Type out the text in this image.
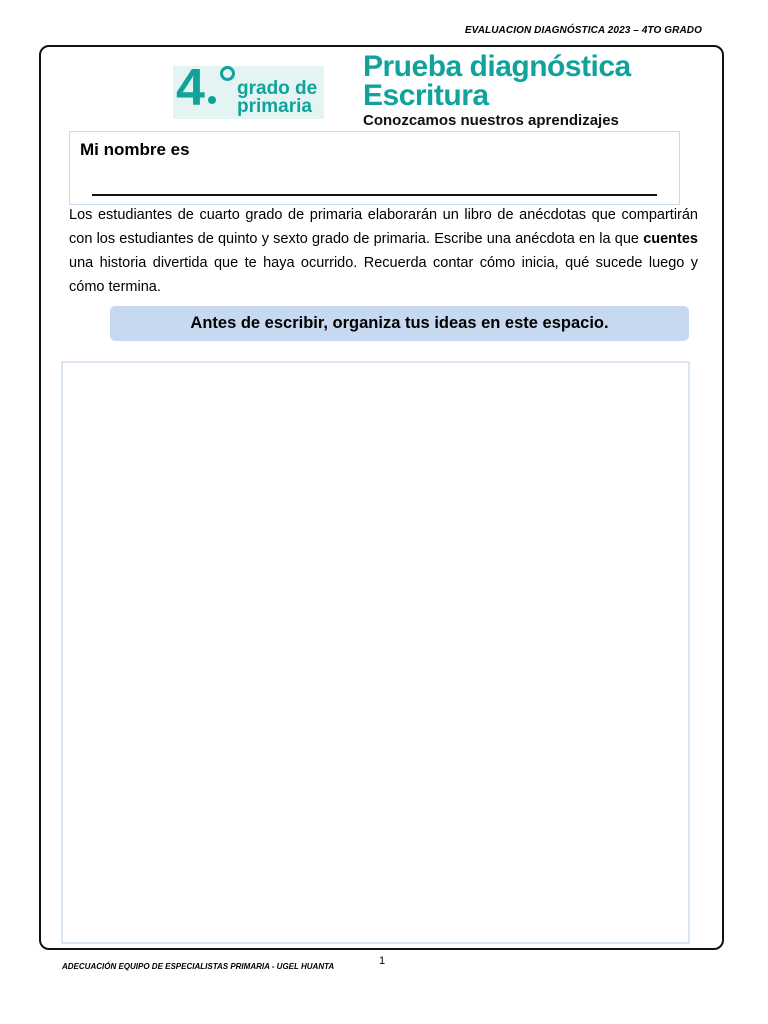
EVALUACION DIAGNÓSTICA 2023 – 4TO GRADO
4 grado de
primaria
Prueba diagnóstica
Escritura
Conozcamos nuestros aprendizajes
Mi nombre es
Los estudiantes de cuarto grado de primaria elaborarán un libro de anécdotas que compartirán con los estudiantes de quinto y sexto grado de primaria. Escribe una anécdota en la que cuentes una historia divertida que te haya ocurrido. Recuerda contar cómo inicia, qué sucede luego y cómo termina.
Antes de escribir, organiza tus ideas en este espacio.
1
ADECUACIÓN EQUIPO DE ESPECIALISTAS PRIMARIA - UGEL HUANTA
